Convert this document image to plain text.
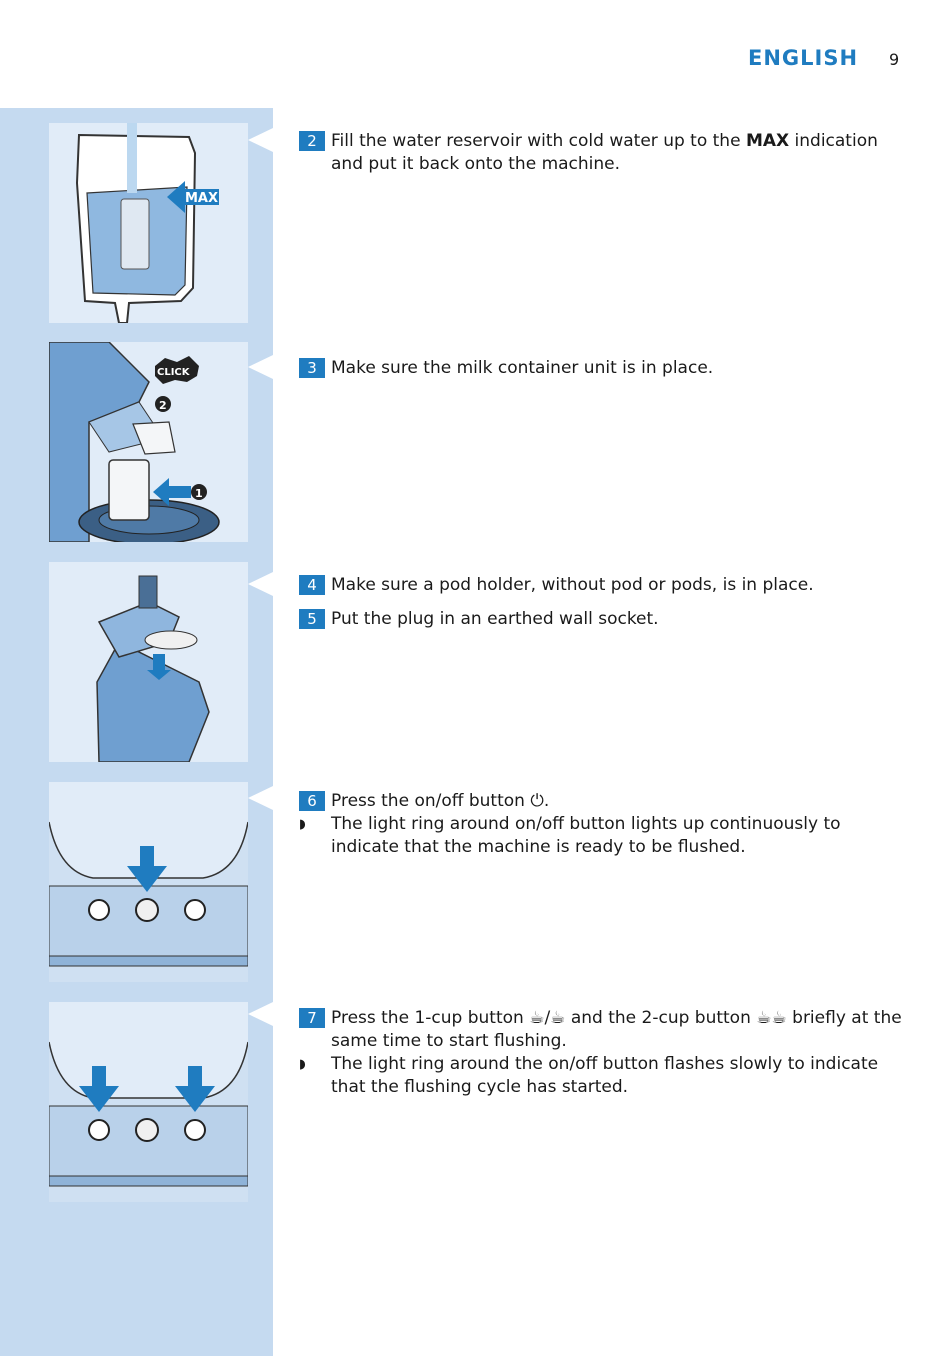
ENGLISH 9
MAX
2
1
CLICK
2 Fill the water reservoir with cold water up to the MAX indication and put it back onto the machine.
3 Make sure the milk container unit is in place.
4 Make sure a pod holder, without pod or pods, is in place.
5 Put the plug in an earthed wall socket.
6 Press the on/off button ⏻.
◗	The light ring around on/off button lights up continuously to indicate that the machine is ready to be flushed.
7 Press the 1-cup button ☕/☕ and the 2-cup button ☕☕ briefly at the same time to start flushing.
◗	The light ring around the on/off button flashes slowly to indicate that the flushing cycle has started.
